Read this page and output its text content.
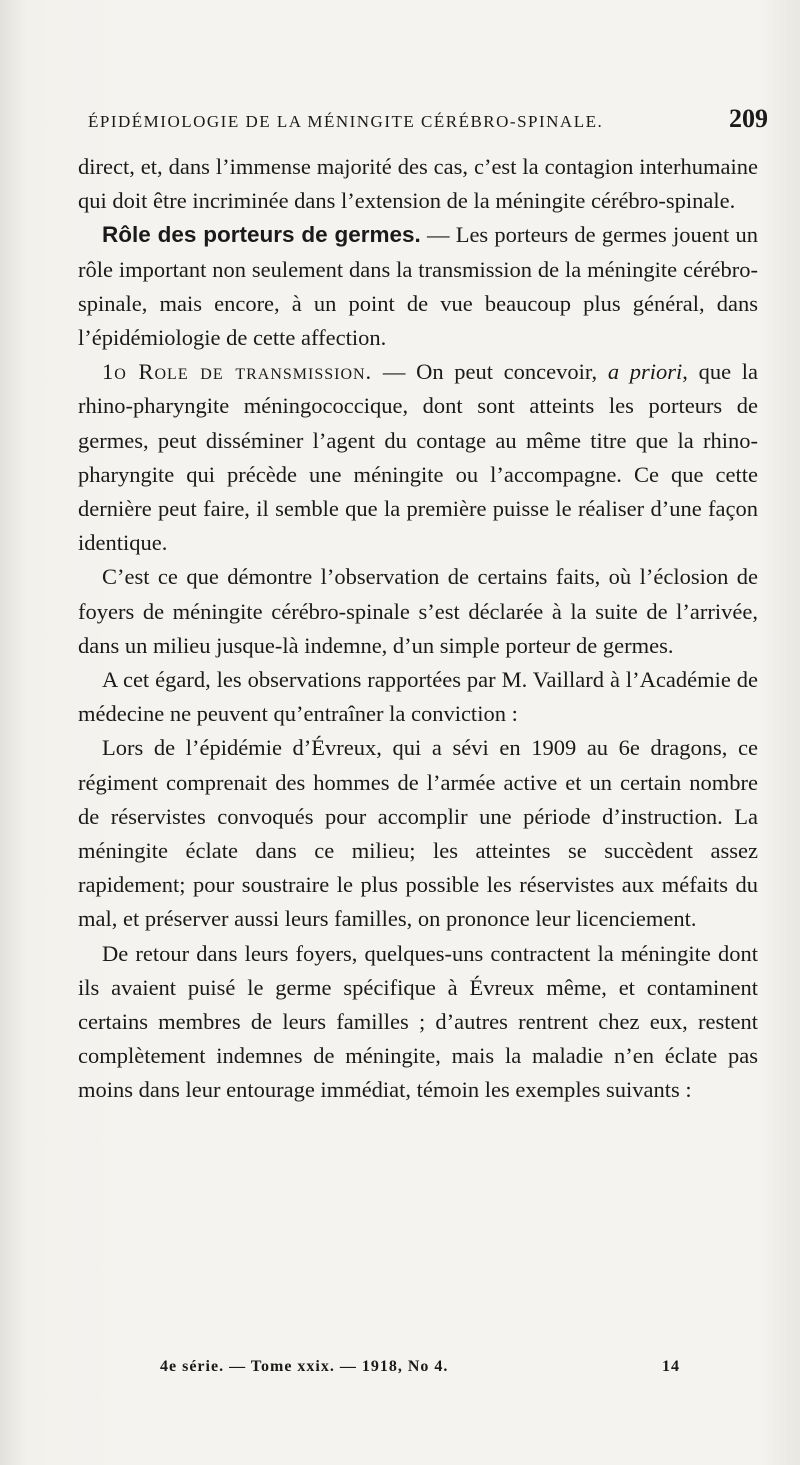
ÉPIDÉMIOLOGIE DE LA MÉNINGITE CÉRÉBRO-SPINALE.	209

direct, et, dans l’immense majorité des cas, c’est la contagion interhumaine qui doit être incriminée dans l’extension de la méningite cérébro-spinale.

Rôle des porteurs de germes. — Les porteurs de germes jouent un rôle important non seulement dans la transmission de la méningite cérébro-spinale, mais encore, à un point de vue beaucoup plus général, dans l’épidémiologie de cette affection.

1o Role de transmission. — On peut concevoir, a priori, que la rhino-pharyngite méningococcique, dont sont atteints les porteurs de germes, peut disséminer l’agent du contage au même titre que la rhino-pharyngite qui précède une méningite ou l’accompagne. Ce que cette dernière peut faire, il semble que la première puisse le réaliser d’une façon identique.

C’est ce que démontre l’observation de certains faits, où l’éclosion de foyers de méningite cérébro-spinale s’est déclarée à la suite de l’arrivée, dans un milieu jusque-là indemne, d’un simple porteur de germes.

A cet égard, les observations rapportées par M. Vaillard à l’Académie de médecine ne peuvent qu’entraîner la conviction :

Lors de l’épidémie d’Évreux, qui a sévi en 1909 au 6e dragons, ce régiment comprenait des hommes de l’armée active et un certain nombre de réservistes convoqués pour accomplir une période d’instruction. La méningite éclate dans ce milieu; les atteintes se succèdent assez rapidement; pour soustraire le plus possible les réservistes aux méfaits du mal, et préserver aussi leurs familles, on prononce leur licenciement.

De retour dans leurs foyers, quelques-uns contractent la méningite dont ils avaient puisé le germe spécifique à Évreux même, et contaminent certains membres de leurs familles ; d’autres rentrent chez eux, restent complètement indemnes de méningite, mais la maladie n’en éclate pas moins dans leur entourage immédiat, témoin les exemples suivants :

4e série. — Tome xxix. — 1918, No 4.	14
